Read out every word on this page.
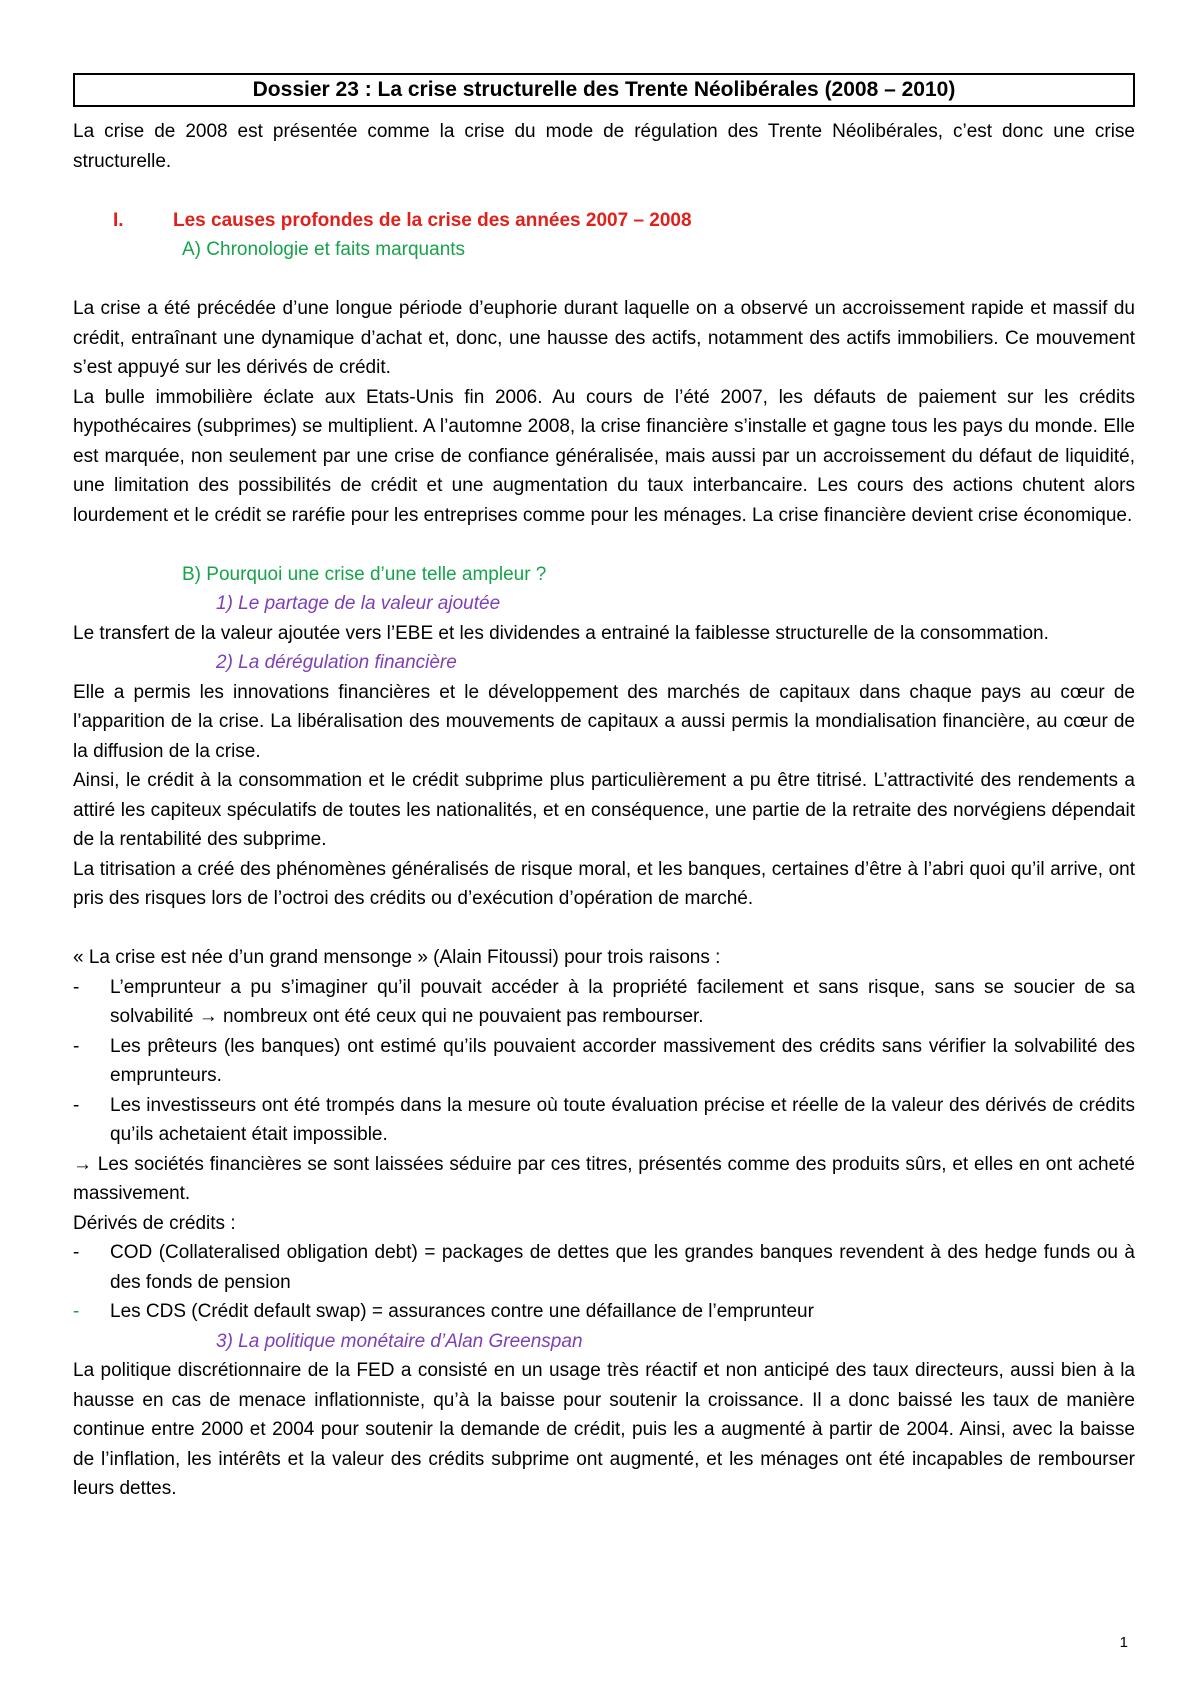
Dossier 23 : La crise structurelle des Trente Néolibérales (2008 – 2010)

La crise de 2008 est présentée comme la crise du mode de régulation des Trente Néolibérales, c’est donc une crise structurelle.

I.	Les causes profondes de la crise des années 2007 – 2008
A) Chronologie et faits marquants

La crise a été précédée d’une longue période d’euphorie durant laquelle on a observé un accroissement rapide et massif du crédit, entraînant une dynamique d’achat et, donc, une hausse des actifs, notamment des actifs immobiliers. Ce mouvement s’est appuyé sur les dérivés de crédit.

La bulle immobilière éclate aux Etats-Unis fin 2006. Au cours de l’été 2007, les défauts de paiement sur les crédits hypothécaires (subprimes) se multiplient. A l’automne 2008, la crise financière s’installe et gagne tous les pays du monde. Elle est marquée, non seulement par une crise de confiance généralisée, mais aussi par un accroissement du défaut de liquidité, une limitation des possibilités de crédit et une augmentation du taux interbancaire. Les cours des actions chutent alors lourdement et le crédit se raréfie pour les entreprises comme pour les ménages. La crise financière devient crise économique.

B) Pourquoi une crise d’une telle ampleur ?
1) Le partage de la valeur ajoutée

Le transfert de la valeur ajoutée vers l’EBE et les dividendes a entrainé la faiblesse structurelle de la consommation.

2) La dérégulation financière

Elle a permis les innovations financières et le développement des marchés de capitaux dans chaque pays au cœur de l’apparition de la crise. La libéralisation des mouvements de capitaux a aussi permis la mondialisation financière, au cœur de la diffusion de la crise.

Ainsi, le crédit à la consommation et le crédit subprime plus particulièrement a pu être titrisé. L’attractivité des rendements a attiré les capiteux spéculatifs de toutes les nationalités, et en conséquence, une partie de la retraite des norvégiens dépendait de la rentabilité des subprime.

La titrisation a créé des phénomènes généralisés de risque moral, et les banques, certaines d’être à l’abri quoi qu’il arrive, ont pris des risques lors de l’octroi des crédits ou d’exécution d’opération de marché.

« La crise est née d’un grand mensonge » (Alain Fitoussi) pour trois raisons :

- L’emprunteur a pu s’imaginer qu’il pouvait accéder à la propriété facilement et sans risque, sans se soucier de sa solvabilité → nombreux ont été ceux qui ne pouvaient pas rembourser.
- Les prêteurs (les banques) ont estimé qu’ils pouvaient accorder massivement des crédits sans vérifier la solvabilité des emprunteurs.
- Les investisseurs ont été trompés dans la mesure où toute évaluation précise et réelle de la valeur des dérivés de crédits qu’ils achetaient était impossible.

→ Les sociétés financières se sont laissées séduire par ces titres, présentés comme des produits sûrs, et elles en ont acheté massivement.

Dérivés de crédits :

- COD (Collateralised obligation debt) = packages de dettes que les grandes banques revendent à des hedge funds ou à des fonds de pension
- Les CDS (Crédit default swap) = assurances contre une défaillance de l’emprunteur
3) La politique monétaire d’Alan Greenspan

La politique discrétionnaire de la FED a consisté en un usage très réactif et non anticipé des taux directeurs, aussi bien à la hausse en cas de menace inflationniste, qu’à la baisse pour soutenir la croissance. Il a donc baissé les taux de manière continue entre 2000 et 2004 pour soutenir la demande de crédit, puis les a augmenté à partir de 2004. Ainsi, avec la baisse de l’inflation, les intérêts et la valeur des crédits subprime ont augmenté, et les ménages ont été incapables de rembourser leurs dettes.

1
